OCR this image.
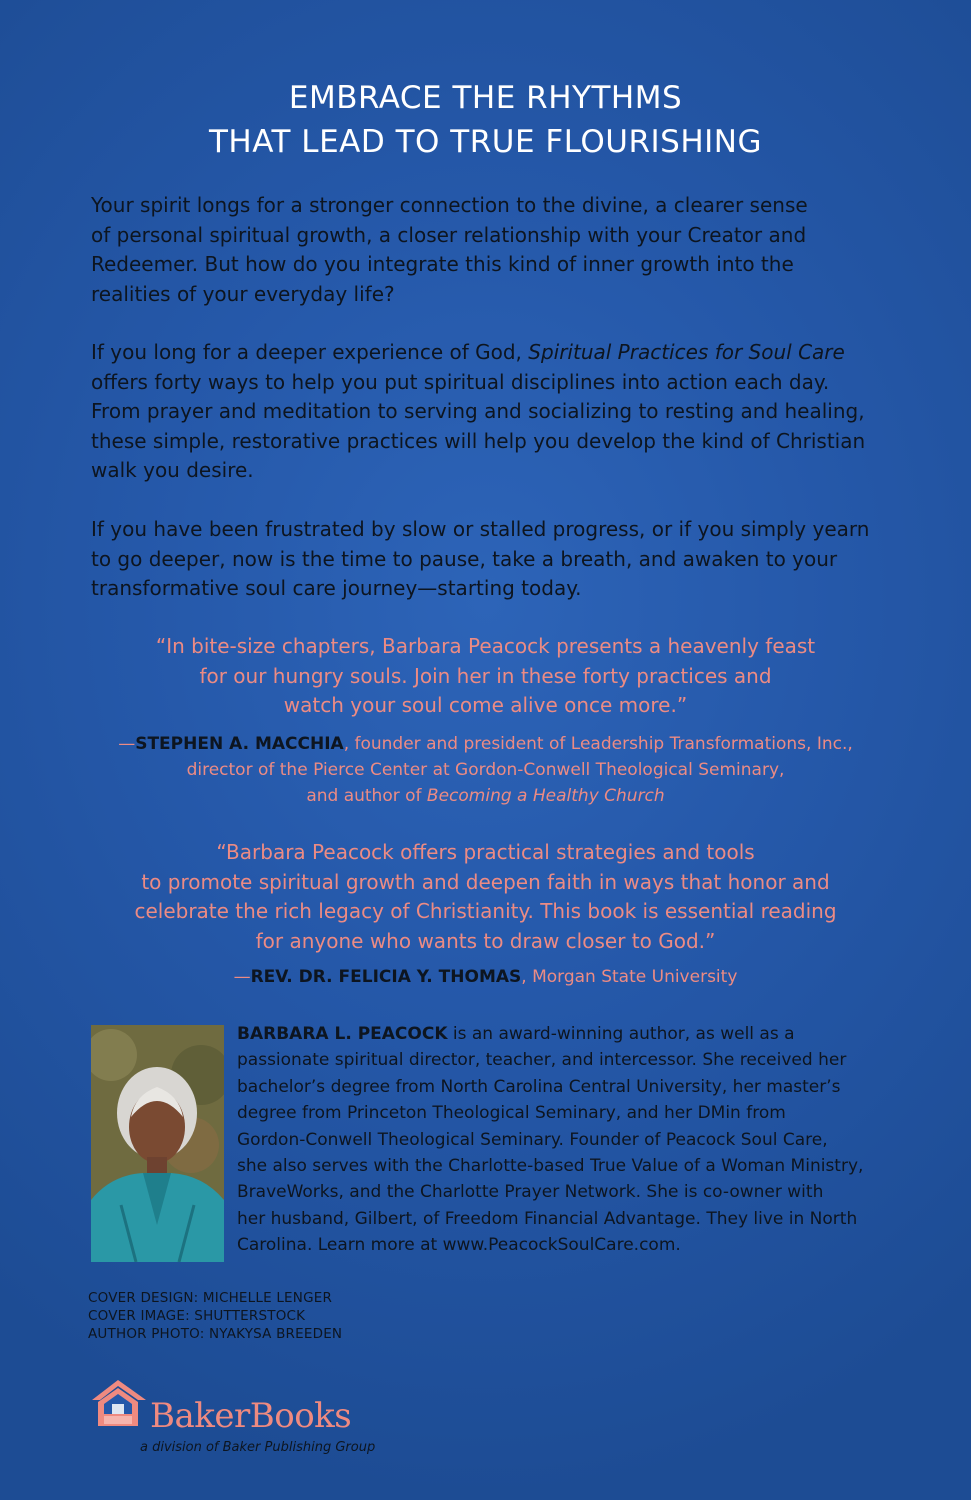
EMBRACE THE RHYTHMS
THAT LEAD TO TRUE FLOURISHING
Your spirit longs for a stronger connection to the divine, a clearer sense
of personal spiritual growth, a closer relationship with your Creator and
Redeemer. But how do you integrate this kind of inner growth into the
realities of your everyday life?
If you long for a deeper experience of God, Spiritual Practices for Soul Care
offers forty ways to help you put spiritual disciplines into action each day.
From prayer and meditation to serving and socializing to resting and healing,
these simple, restorative practices will help you develop the kind of Christian
walk you desire.
If you have been frustrated by slow or stalled progress, or if you simply yearn
to go deeper, now is the time to pause, take a breath, and awaken to your
transformative soul care journey—starting today.
“In bite-size chapters, Barbara Peacock presents a heavenly feast
for our hungry souls. Join her in these forty practices and
watch your soul come alive once more.”
—STEPHEN A. MACCHIA, founder and president of Leadership Transformations, Inc.,
director of the Pierce Center at Gordon-Conwell Theological Seminary,
and author of Becoming a Healthy Church
“Barbara Peacock offers practical strategies and tools
to promote spiritual growth and deepen faith in ways that honor and
celebrate the rich legacy of Christianity. This book is essential reading
for anyone who wants to draw closer to God.”
—REV. DR. FELICIA Y. THOMAS, Morgan State University
BARBARA L. PEACOCK is an award-winning author, as well as a
passionate spiritual director, teacher, and intercessor. She received her
bachelor’s degree from North Carolina Central University, her master’s
degree from Princeton Theological Seminary, and her DMin from
Gordon-Conwell Theological Seminary. Founder of Peacock Soul Care,
she also serves with the Charlotte-based True Value of a Woman Ministry,
BraveWorks, and the Charlotte Prayer Network. She is co-owner with
her husband, Gilbert, of Freedom Financial Advantage. They live in North
Carolina. Learn more at www.PeacockSoulCare.com.
COVER DESIGN: MICHELLE LENGER
COVER IMAGE: SHUTTERSTOCK
AUTHOR PHOTO: NYAKYSA BREEDEN
BakerBooks
a division of Baker Publishing Group
